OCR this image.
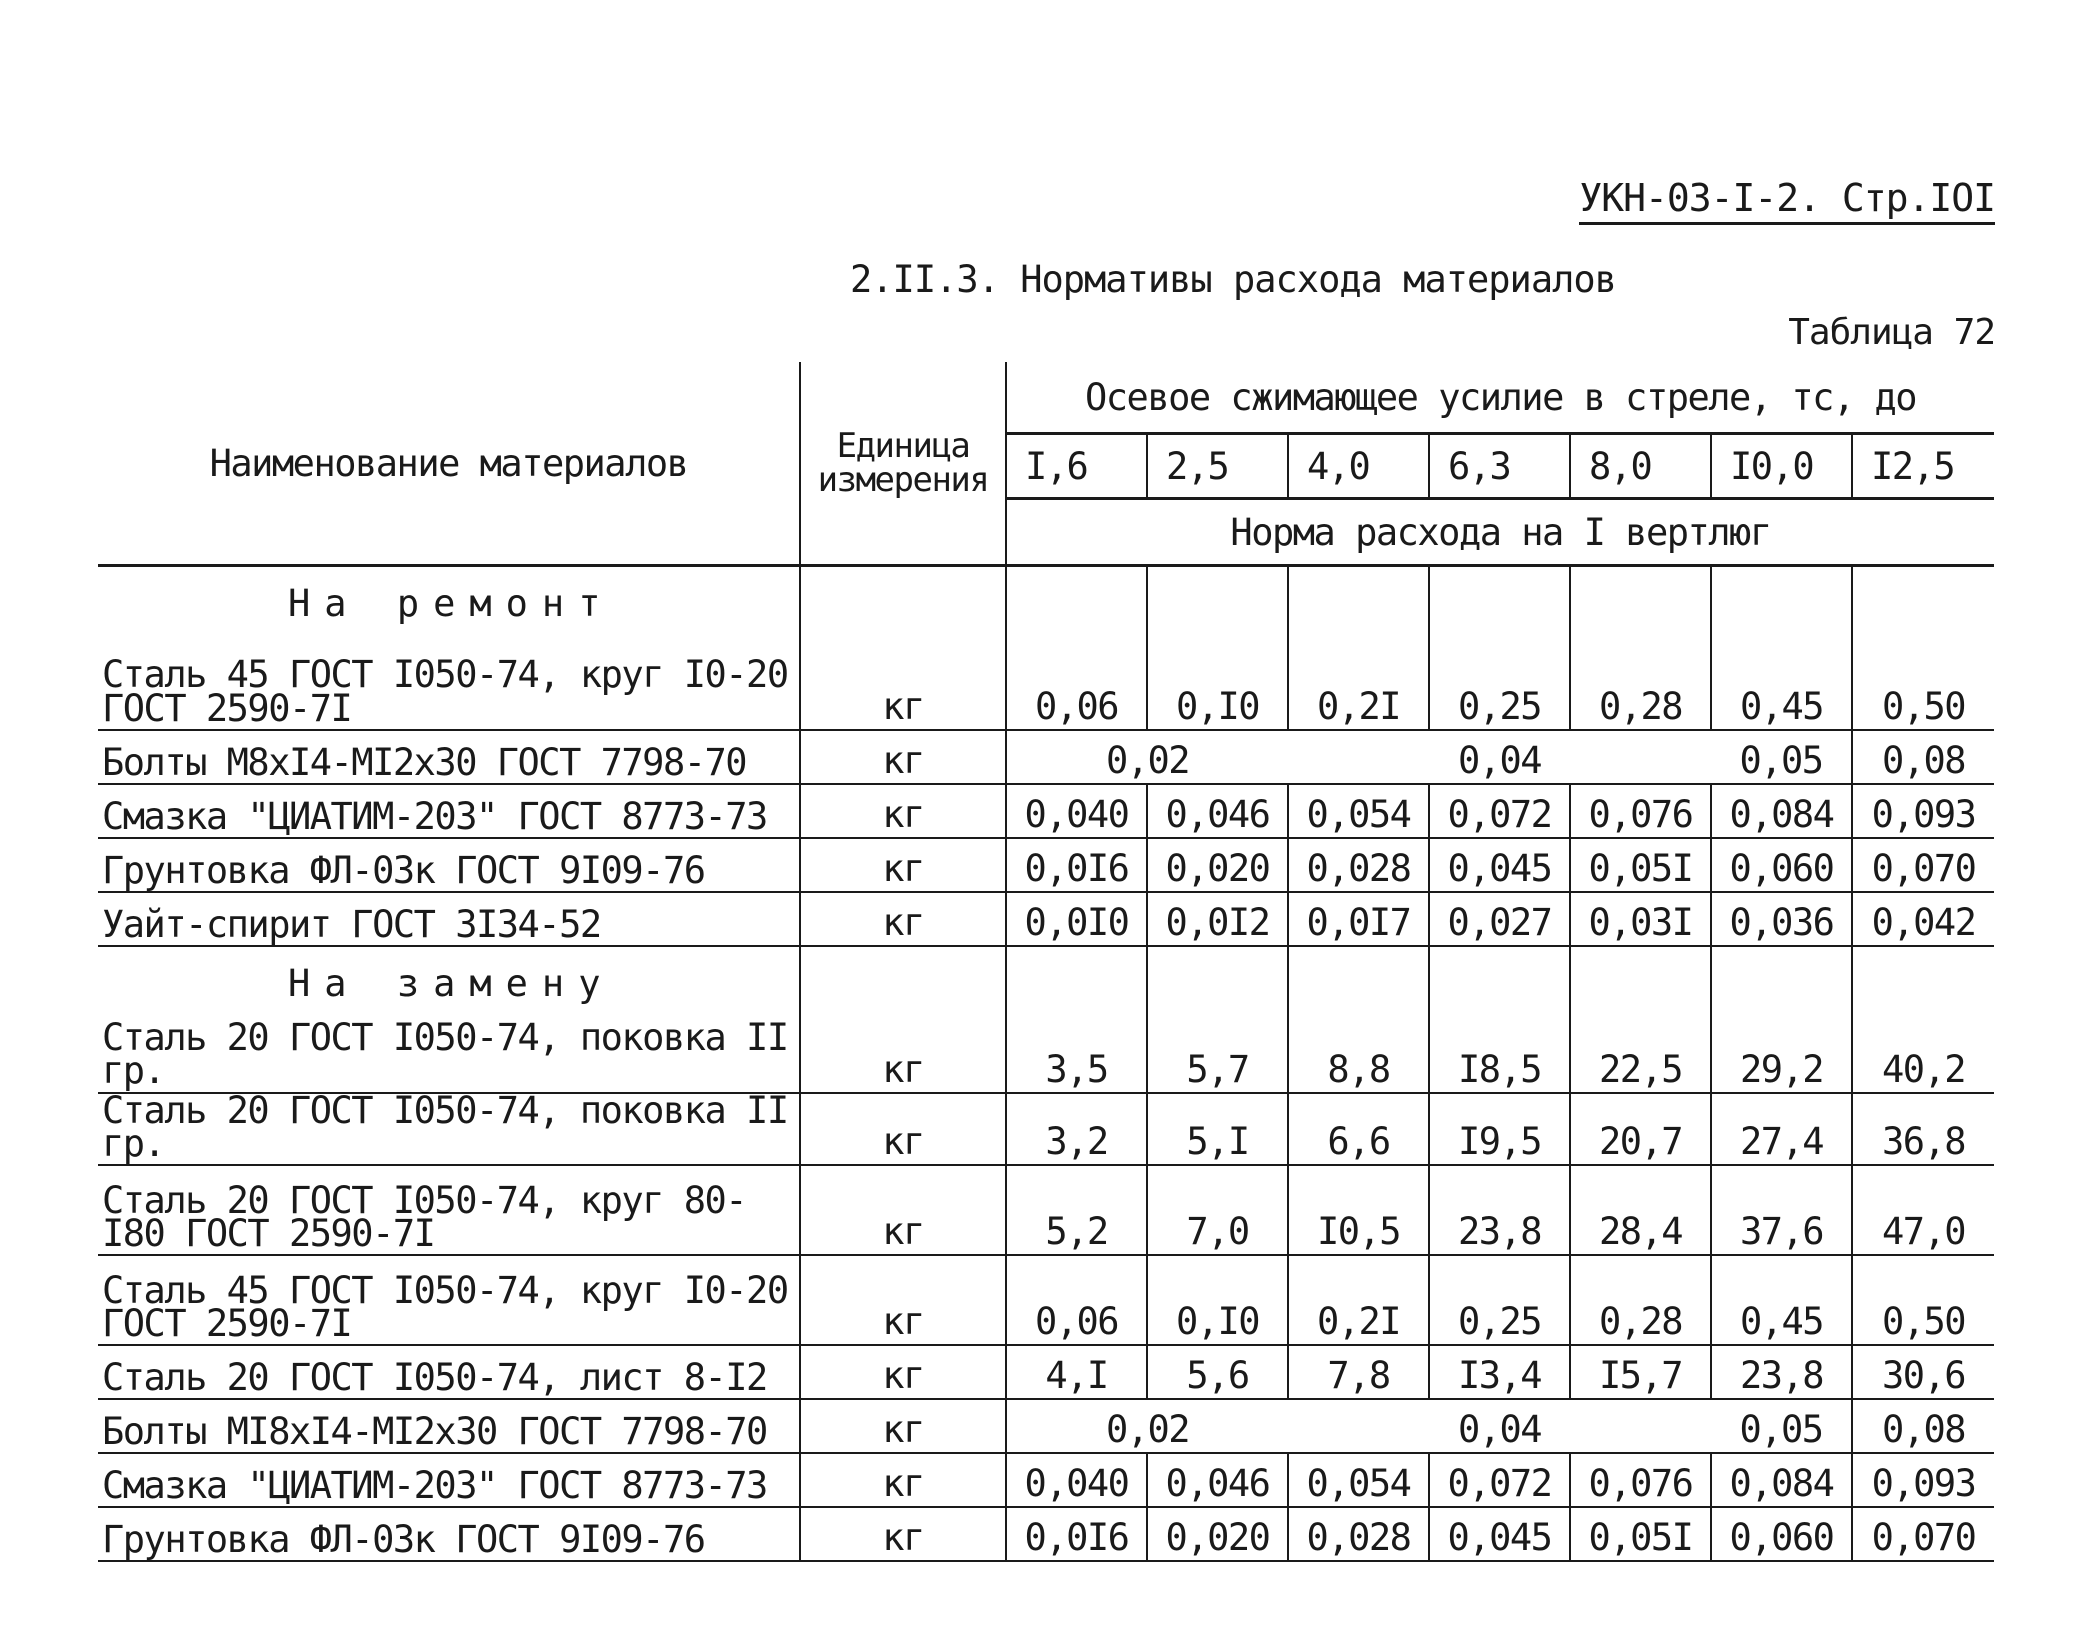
УКН-03-I-2. Стр.IOI
2.II.3. Нормативы расхода материалов
Таблица 72
Наименование материалов	Единица измерения	Осевое сжимающее усилие в стреле, тс, до						
		I,6	2,5	4,0	6,3	8,0	I0,0	I2,5
		Норма расхода на I вертлюг						
На ремонт								
Сталь 45 ГОСТ I050-74, круг I0-20 ГОСТ 2590-7I	кг	0,06	0,I0	0,2I	0,25	0,28	0,45	0,50
Болты М8хI4-МI2х30 ГОСТ 7798-70	кг	0,02		0,04			0,05	0,08
Смазка "ЦИАТИМ-203" ГОСТ 8773-73	кг	0,040	0,046	0,054	0,072	0,076	0,084	0,093
Грунтовка ФЛ-03к ГОСТ 9I09-76	кг	0,0I6	0,020	0,028	0,045	0,05I	0,060	0,070
Уайт-спирит ГОСТ 3I34-52	кг	0,0I0	0,0I2	0,0I7	0,027	0,03I	0,036	0,042
На замену								
Сталь 20 ГОСТ I050-74, поковка II гр.	кг	3,5	5,7	8,8	I8,5	22,5	29,2	40,2
Сталь 20 ГОСТ I050-74, поковка II гр.	кг	3,2	5,I	6,6	I9,5	20,7	27,4	36,8
Сталь 20 ГОСТ I050-74, круг 80-I80 ГОСТ 2590-7I	кг	5,2	7,0	I0,5	23,8	28,4	37,6	47,0
Сталь 45 ГОСТ I050-74, круг I0-20 ГОСТ 2590-7I	кг	0,06	0,I0	0,2I	0,25	0,28	0,45	0,50
Сталь 20 ГОСТ I050-74, лист 8-I2	кг	4,I	5,6	7,8	I3,4	I5,7	23,8	30,6
Болты МI8хI4-МI2х30 ГОСТ 7798-70	кг	0,02		0,04			0,05	0,08
Смазка "ЦИАТИМ-203" ГОСТ 8773-73	кг	0,040	0,046	0,054	0,072	0,076	0,084	0,093
Грунтовка ФЛ-03к ГОСТ 9I09-76	кг	0,0I6	0,020	0,028	0,045	0,05I	0,060	0,070
